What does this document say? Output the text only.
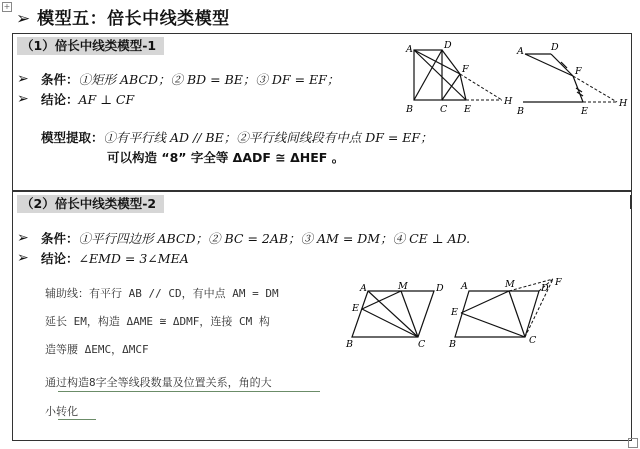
+
➢ 模型五：倍长中线类模型
（1）倍长中线类模型-1
➢ 条件：①矩形 ABCD；② BD = BE；③ DF = EF；
➢ 结论：AF ⊥ CF
模型提取：①有平行线 AD // BE；②平行线间线段有中点 DF = EF；
可以构造 “8” 字全等 ΔADF ≅ ΔHEF 。
A	D
F
B	C E
H
A	D
F
B	E
H
（2）倍长中线类模型-2
➢ 条件：①平行四边形 ABCD；② BC = 2AB；③ AM = DM；④ CE ⊥ AD.
➢ 结论：∠EMD = 3∠MEA
辅助线：有平行 AB // CD，有中点 AM = DM
延长 EM，构造 ΔAME ≅ ΔDMF，连接 CM 构
造等腰 ΔEMC，ΔMCF
通过构造8字全等线段数量及位置关系，角的大
小转化
A	M	D
E
B	C
A	M	D
F
E
B	C
